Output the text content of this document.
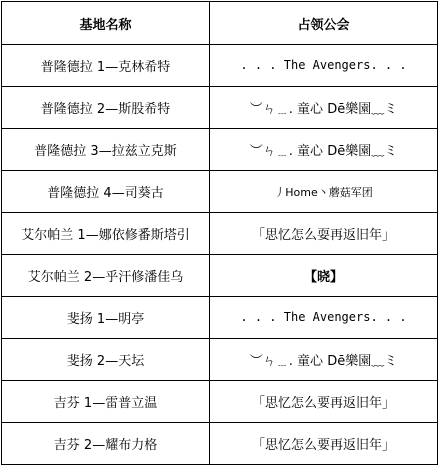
基地名称	占领公会
普隆德拉 1—克林希特	. . . The Avengers. . .
普隆德拉 2—斯股希特	︶ㄣ﹍. 童心 Dē樂園﹏ミ
普隆德拉 3—拉兹立克斯	︶ㄣ﹍. 童心 Dē樂園﹏ミ
普隆德拉 4—司葵古	丿Home丶蘑菇军团
艾尔帕兰 1—娜依修番斯塔引	「思忆怎么耍再返旧年」
艾尔帕兰 2—乎汗修潘佳乌	【晓】
斐扬 1—明亭	. . . The Avengers. . .
斐扬 2—天坛	︶ㄣ﹍. 童心 Dē樂園﹏ミ
吉芬 1—雷普立温	「思忆怎么要再返旧年」
吉芬 2—耀布力格	「思忆怎么要再返旧年」
